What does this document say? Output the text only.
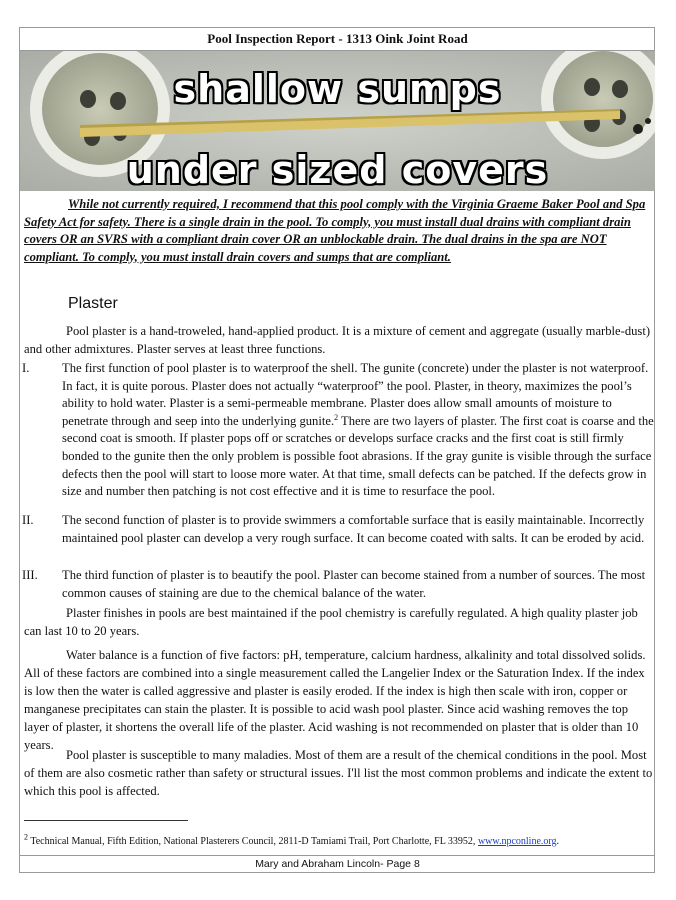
Pool Inspection Report - 1313 Oink Joint Road
shallow sumps
under sized covers
While not currently required, I recommend that this pool comply with the Virginia Graeme Baker Pool and Spa Safety Act for safety. There is a single drain in the pool. To comply, you must install dual drains with compliant drain covers OR an SVRS with a compliant drain cover OR an unblockable drain. The dual drains in the spa are NOT compliant. To comply, you must install drain covers and sumps that are compliant.
Plaster
Pool plaster is a hand-troweled, hand-applied product. It is a mixture of cement and aggregate (usually marble-dust) and other admixtures. Plaster serves at least three functions.
I.	The first function of pool plaster is to waterproof the shell. The gunite (concrete) under the plaster is not waterproof. In fact, it is quite porous. Plaster does not actually “waterproof” the pool. Plaster, in theory, maximizes the pool’s ability to hold water. Plaster is a semi-permeable membrane. Plaster does allow small amounts of moisture to penetrate through and seep into the underlying gunite.$^2$ There are two layers of plaster. The first coat is coarse and the second coat is smooth. If plaster pops off or scratches or develops surface cracks and the first coat is still firmly bonded to the gunite then the only problem is possible foot abrasions. If the gray gunite is visible through the surface defects then the pool will start to loose more water. At that time, small defects can be patched. If the defects grow in size and number then patching is not cost effective and it is time to resurface the pool.
II. The second function of plaster is to provide swimmers a comfortable surface that is easily maintainable. Incorrectly maintained pool plaster can develop a very rough surface. It can become coated with salts. It can be eroded by acid.
III. The third function of plaster is to beautify the pool. Plaster can become stained from a number of sources. The most common causes of staining are due to the chemical balance of the water.
Plaster finishes in pools are best maintained if the pool chemistry is carefully regulated. A high quality plaster job can last 10 to 20 years.
Water balance is a function of five factors: pH, temperature, calcium hardness, alkalinity and total dissolved solids. All of these factors are combined into a single measurement called the Langelier Index or the Saturation Index. If the index is low then the water is called aggressive and plaster is easily eroded. If the index is high then scale with iron, copper or manganese precipitates can stain the plaster. It is possible to acid wash pool plaster. Since acid washing removes the top layer of plaster, it shortens the overall life of the plaster. Acid washing is not recommended on plaster that is older than 10 years.
Pool plaster is susceptible to many maladies. Most of them are a result of the chemical conditions in the pool. Most of them are also cosmetic rather than safety or structural issues. I'll list the most common problems and indicate the extent to which this pool is affected.
$^2$ Technical Manual, Fifth Edition, National Plasterers Council, 2811-D Tamiami Trail, Port Charlotte, FL 33952, www.npconline.org.
Mary and Abraham Lincoln- Page 8
